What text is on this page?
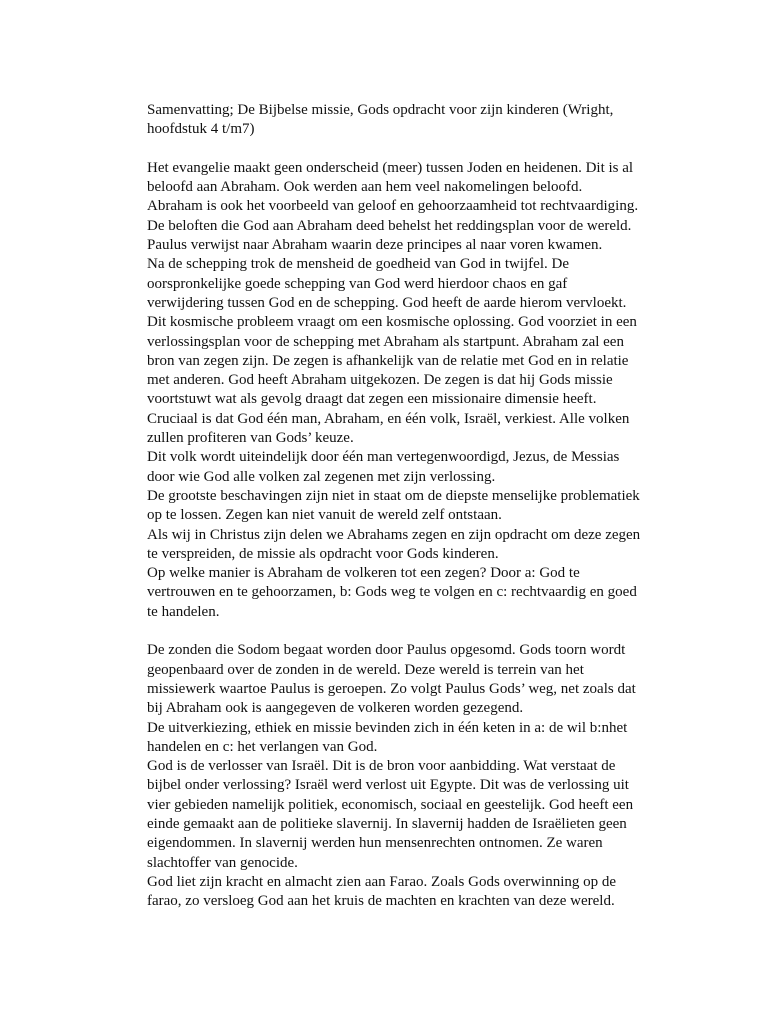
Samenvatting; De Bijbelse missie, Gods opdracht voor zijn kinderen (Wright,
hoofdstuk 4 t/m7)
Het evangelie maakt geen onderscheid (meer) tussen Joden en heidenen. Dit is al
beloofd aan Abraham. Ook werden aan hem veel nakomelingen beloofd.
Abraham is ook het voorbeeld van geloof en gehoorzaamheid tot rechtvaardiging.
De beloften die God aan Abraham deed behelst het reddingsplan voor de wereld.
Paulus verwijst naar Abraham waarin deze principes al naar voren kwamen.
Na de schepping trok de mensheid de goedheid van God in twijfel. De
oorspronkelijke goede schepping van God werd hierdoor chaos en gaf
verwijdering tussen God en de schepping. God heeft de aarde hierom vervloekt.
Dit kosmische probleem vraagt om een kosmische oplossing. God voorziet in een
verlossingsplan voor de schepping met Abraham als startpunt. Abraham zal een
bron van zegen zijn. De zegen is afhankelijk van de relatie met God en in relatie
met anderen. God heeft Abraham uitgekozen. De zegen is dat hij Gods missie
voortstuwt wat als gevolg draagt dat zegen een missionaire dimensie heeft.
Cruciaal is dat God één man, Abraham, en één volk, Israël, verkiest. Alle volken
zullen profiteren van Gods’ keuze.
Dit volk wordt uiteindelijk door één man vertegenwoordigd, Jezus, de Messias
door wie God alle volken zal zegenen met zijn verlossing.
De grootste beschavingen zijn niet in staat om de diepste menselijke problematiek
op te lossen. Zegen kan niet vanuit de wereld zelf ontstaan.
Als wij in Christus zijn delen we Abrahams zegen en zijn opdracht om deze zegen
te verspreiden, de missie als opdracht voor Gods kinderen.
Op welke manier is Abraham de volkeren tot een zegen? Door a: God te
vertrouwen en te gehoorzamen, b: Gods weg te volgen en c: rechtvaardig en goed
te handelen.
De zonden die Sodom begaat worden door Paulus opgesomd. Gods toorn wordt
geopenbaard over de zonden in de wereld. Deze wereld is terrein van het
missiewerk waartoe Paulus is geroepen. Zo volgt Paulus Gods’ weg, net zoals dat
bij Abraham ook is aangegeven de volkeren worden gezegend.
De uitverkiezing, ethiek en missie bevinden zich in één keten in a: de wil b:nhet
handelen en c: het verlangen van God.
God is de verlosser van Israël. Dit is de bron voor aanbidding. Wat verstaat de
bijbel onder verlossing? Israël werd verlost uit Egypte. Dit was de verlossing uit
vier gebieden namelijk politiek, economisch, sociaal en geestelijk. God heeft een
einde gemaakt aan de politieke slavernij. In slavernij hadden de Israëlieten geen
eigendommen. In slavernij werden hun mensenrechten ontnomen. Ze waren
slachtoffer van genocide.
God liet zijn kracht en almacht zien aan Farao. Zoals Gods overwinning op de
farao, zo versloeg God aan het kruis de machten en krachten van deze wereld.
